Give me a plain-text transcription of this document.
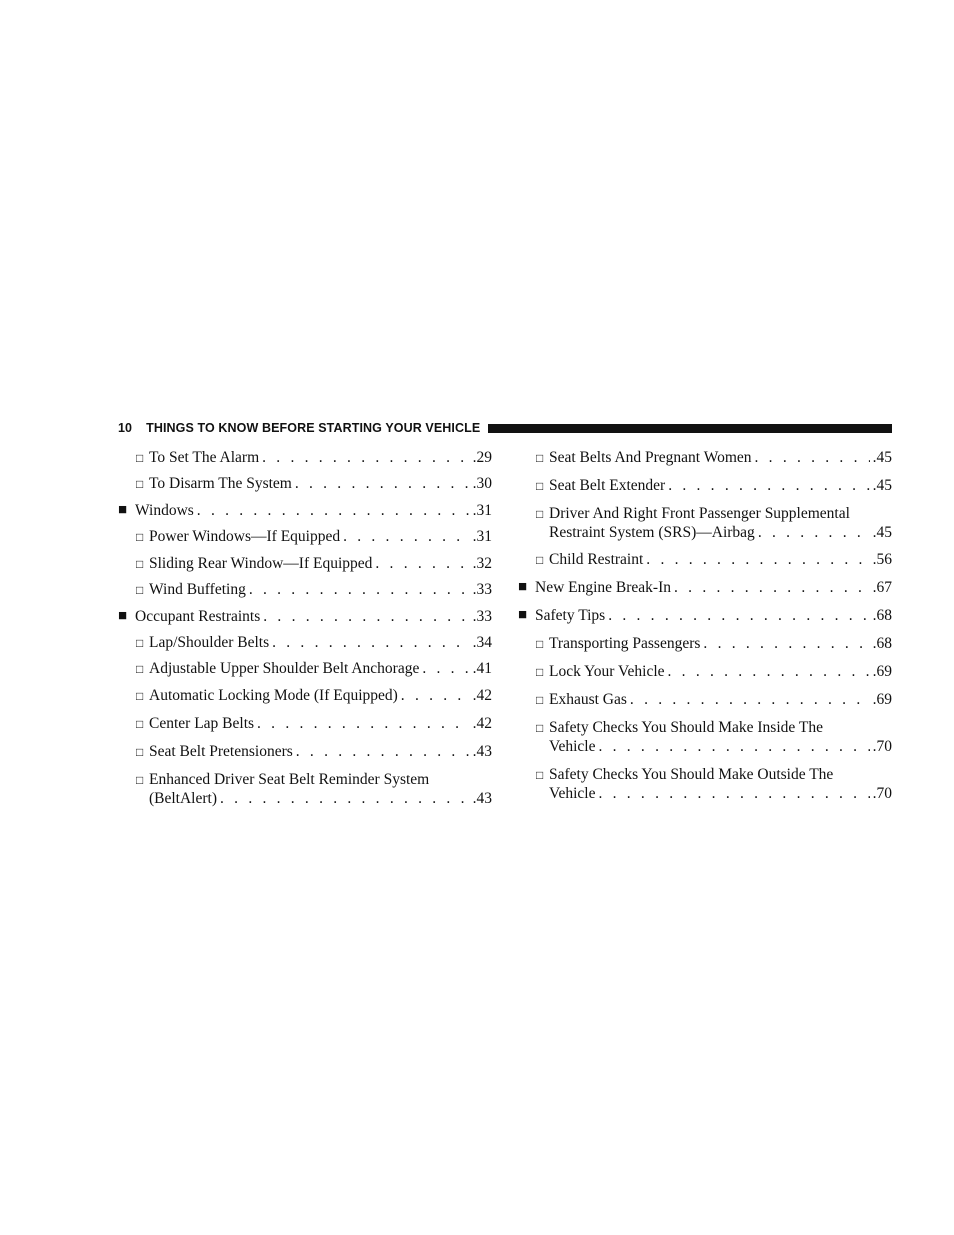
10 THINGS TO KNOW BEFORE STARTING YOUR VEHICLE
□ To Set The Alarm . . .	.29
□ To Disarm The System . . .	.30
■ Windows . . .	.31
□ Power Windows—If Equipped . . .	.31
□ Sliding Rear Window—If Equipped . . .	.32
□ Wind Buffeting . . .	.33
■ Occupant Restraints . . .	.33
□ Lap/Shoulder Belts . . .	.34
□ Adjustable Upper Shoulder Belt Anchorage . . .	.41
□ Automatic Locking Mode (If Equipped) . . .	.42
□ Center Lap Belts . . .	.42
□ Seat Belt Pretensioners . . .	.43
□ Enhanced Driver Seat Belt Reminder System
(BeltAlert) . . .	.43
□ Seat Belts And Pregnant Women . . .	.45
□ Seat Belt Extender . . .	.45
□ Driver And Right Front Passenger Supplemental
Restraint System (SRS)—Airbag . . .	.45
□ Child Restraint . . .	.56
■ New Engine Break-In . . .	.67
■ Safety Tips . . .	.68
□ Transporting Passengers . . .	.68
□ Lock Your Vehicle . . .	.69
□ Exhaust Gas . . .	.69
□ Safety Checks You Should Make Inside The
Vehicle . . .	.70
□ Safety Checks You Should Make Outside The
Vehicle . . .	.70
